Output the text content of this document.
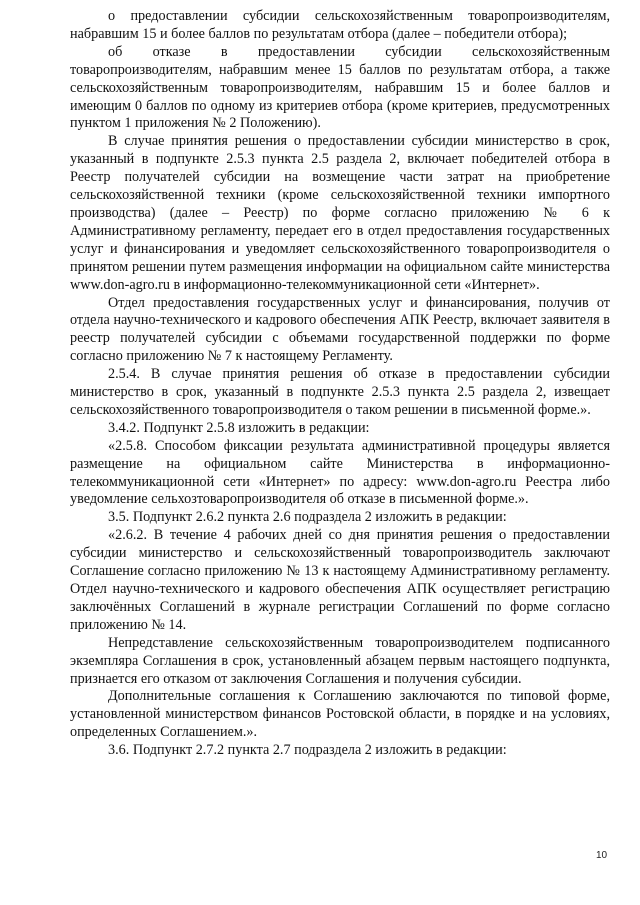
о предоставлении субсидии сельскохозяйственным товаропроизводителям, набравшим 15 и более баллов по результатам отбора (далее – победители отбора);

об отказе в предоставлении субсидии сельскохозяйственным товаропроизводителям, набравшим менее 15 баллов по результатам отбора, а также сельскохозяйственным товаропроизводителям, набравшим 15 и более баллов и имеющим 0 баллов по одному из критериев отбора (кроме критериев, предусмотренных пунктом 1 приложения № 2 Положению).

В случае принятия решения о предоставлении субсидии министерство в срок, указанный в подпункте 2.5.3 пункта 2.5 раздела 2, включает победителей отбора в Реестр получателей субсидии на возмещение части затрат на приобретение сельскохозяйственной техники (кроме сельскохозяйственной техники импортного производства) (далее – Реестр) по форме согласно приложению № 6 к Административному регламенту, передает его в отдел предоставления государственных услуг и финансирования и уведомляет сельскохозяйственного товаропроизводителя о принятом решении путем размещения информации на официальном сайте министерства www.don-agro.ru в информационно-телекоммуникационной сети «Интернет».

Отдел предоставления государственных услуг и финансирования, получив от отдела научно-технического и кадрового обеспечения АПК Реестр, включает заявителя в реестр получателей субсидии с объемами государственной поддержки по форме согласно приложению № 7 к настоящему Регламенту.

2.5.4. В случае принятия решения об отказе в предоставлении субсидии министерство в срок, указанный в подпункте 2.5.3 пункта 2.5 раздела 2, извещает сельскохозяйственного товаропроизводителя о таком решении в письменной форме.».

3.4.2. Подпункт 2.5.8 изложить в редакции:

«2.5.8. Способом фиксации результата административной процедуры является размещение на официальном сайте Министерства в информационно-телекоммуникационной сети «Интернет» по адресу: www.don-agro.ru Реестра либо уведомление сельхозтоваропроизводителя об отказе в письменной форме.».

3.5. Подпункт 2.6.2 пункта 2.6 подраздела 2 изложить в редакции:

«2.6.2. В течение 4 рабочих дней со дня принятия решения о предоставлении субсидии министерство и сельскохозяйственный товаропроизводитель заключают Соглашение согласно приложению № 13 к настоящему Административному регламенту. Отдел научно-технического и кадрового обеспечения АПК осуществляет регистрацию заключённых Соглашений в журнале регистрации Соглашений по форме согласно приложению № 14.

Непредставление сельскохозяйственным товаропроизводителем подписанного экземпляра Соглашения в срок, установленный абзацем первым настоящего подпункта, признается его отказом от заключения Соглашения и получения субсидии.

Дополнительные соглашения к Соглашению заключаются по типовой форме, установленной министерством финансов Ростовской области, в порядке и на условиях, определенных Соглашением.».

3.6. Подпункт 2.7.2 пункта 2.7 подраздела 2 изложить в редакции:

10
